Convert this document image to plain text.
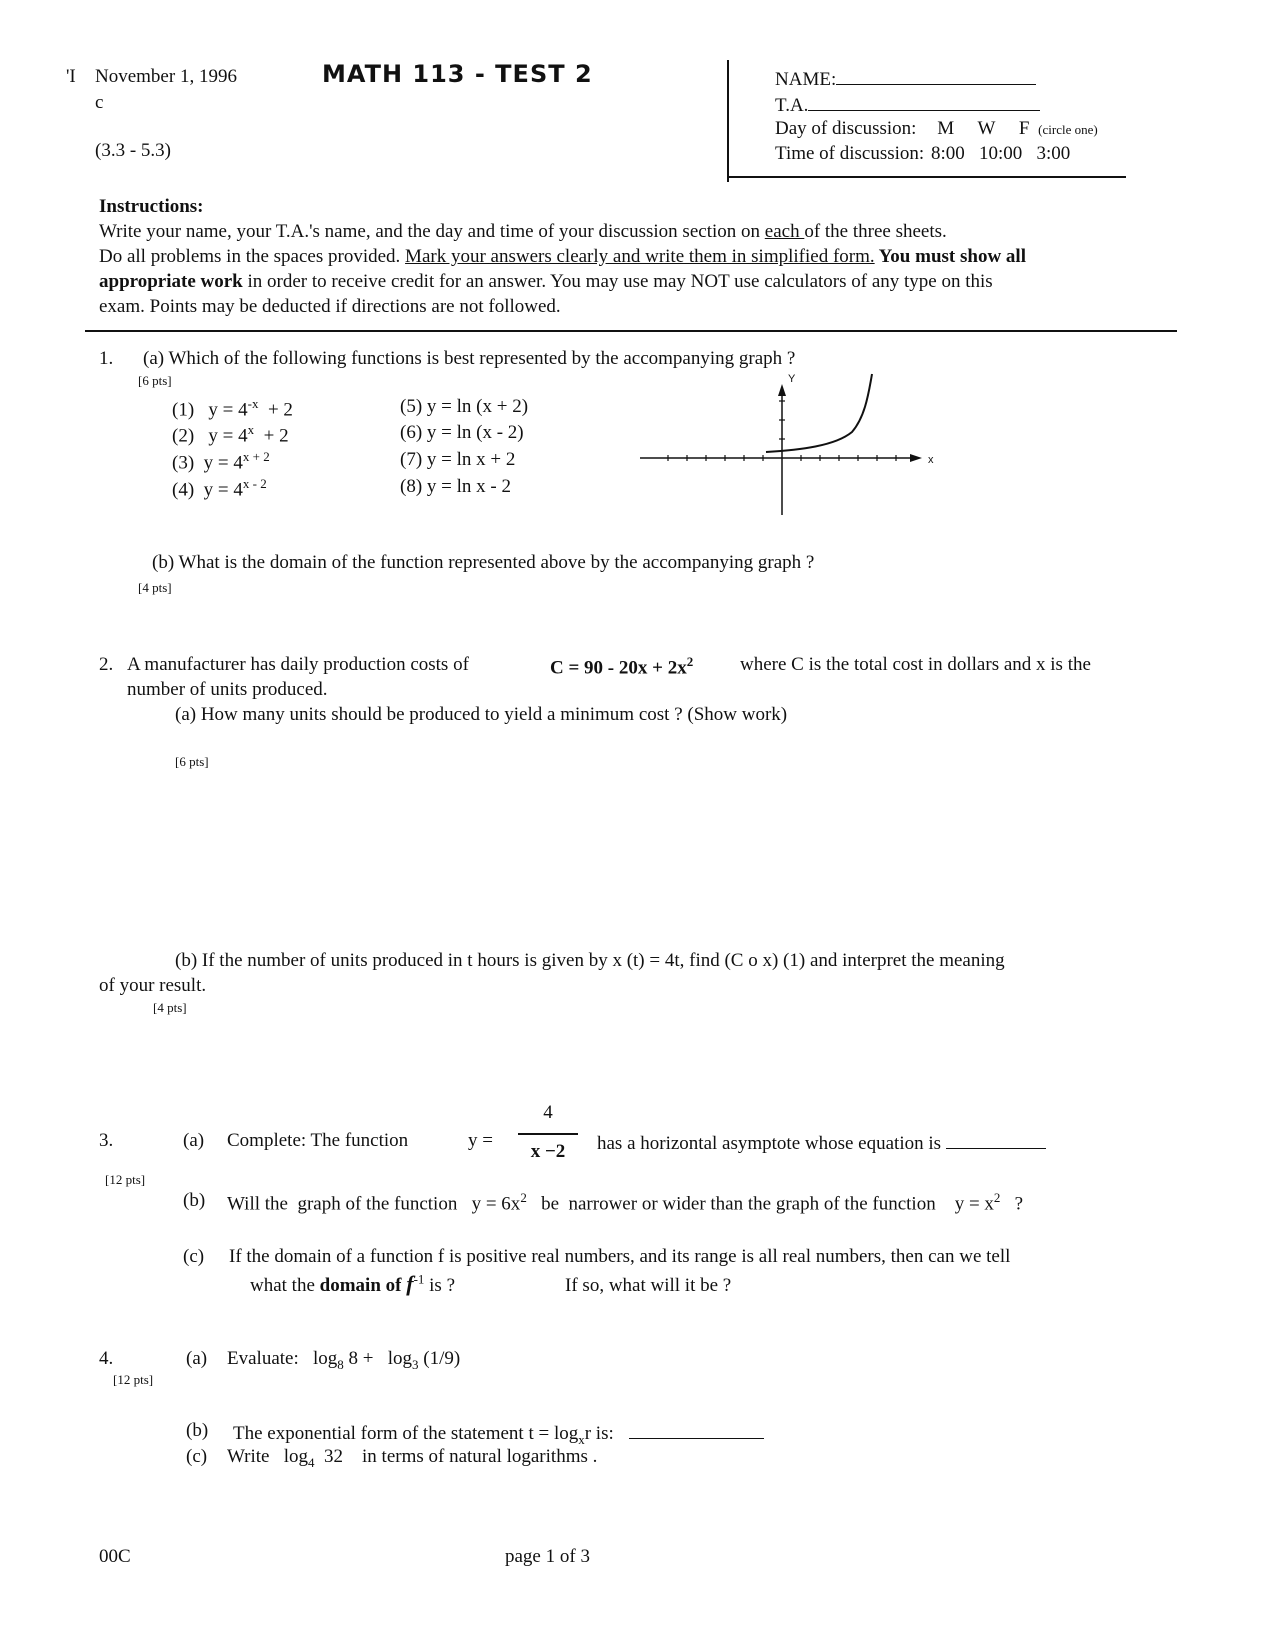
'I November 1, 1996
c
(3.3 - 5.3)
MATH 113 - TEST 2	NAME:
T.A.
Day of discussion: M     W     F (circle one)
Time of discussion: 8:00   10:00   3:00
Instructions:
Write your name, your T.A.'s name, and the day and time of your discussion section on each of the three sheets.
Do all problems in the spaces provided. Mark your answers clearly and write them in simplified form. You must show all
appropriate work in order to receive credit for an answer. You may use may NOT use calculators of any type on this
exam. Points may be deducted if directions are not followed.
1. (a) Which of the following functions is best represented by the accompanying graph ?
[6 pts]
(1) $y = 4^{-x} + 2$
(2) $y = 4^x + 2$
(3) $y = 4^{x + 2}$
(4) $y = 4^{x - 2}$
(5) y = ln (x + 2)
(6) y = ln (x - 2)
(7) y = ln x + 2
(8) y = ln x - 2
Y
x
(b) What is the domain of the function represented above by the accompanying graph ?
[4 pts]
2. A manufacturer has daily production costs of	$C = 90 - 20x + 2x^2$ where C is the total cost in dollars and x is the
number of units produced.
(a) How many units should be produced to yield a minimum cost ? (Show work)
[6 pts]
(b) If the number of units produced in t hours is given by x (t) = 4t, find (C o x) (1) and interpret the meaning
of your result.
[4 pts]
3.
[12 pts]
(a) Complete: The function	y =
4
x −2	has a horizontal asymptote whose equation is
(b) Will the  graph of the function   $y = 6x^2$   be  narrower or wider than the graph of the function    $y = x^2$   ?
(c) If the domain of a function f is positive real numbers, and its range is all real numbers, then can we tell
what the domain of $f^{-1}$ is ?	If so, what will it be ?
4.
[12 pts]
(a) Evaluate:   $\log_8 8 + \log_3 (1/9)$
(b) The exponential form of the statement $t = \log_xr$ is:
(c) Write   $\log_4 32$    in terms of natural logarithms .
00C	page 1 of 3
